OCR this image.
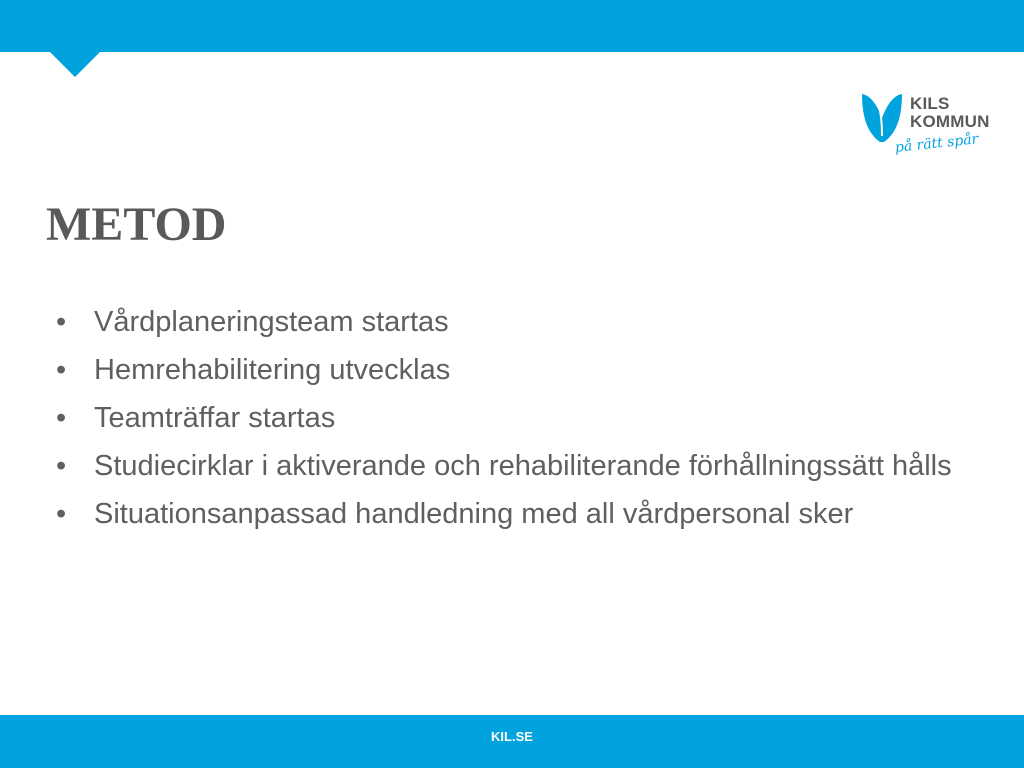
KILS
KOMMUN
på rätt spår
METOD
• Vårdplaneringsteam startas
• Hemrehabilitering utvecklas
• Teamträffar startas
• Studiecirklar i aktiverande och rehabiliterande förhållningssätt hålls
• Situationsanpassad handledning med all vårdpersonal sker
KIL.SE
